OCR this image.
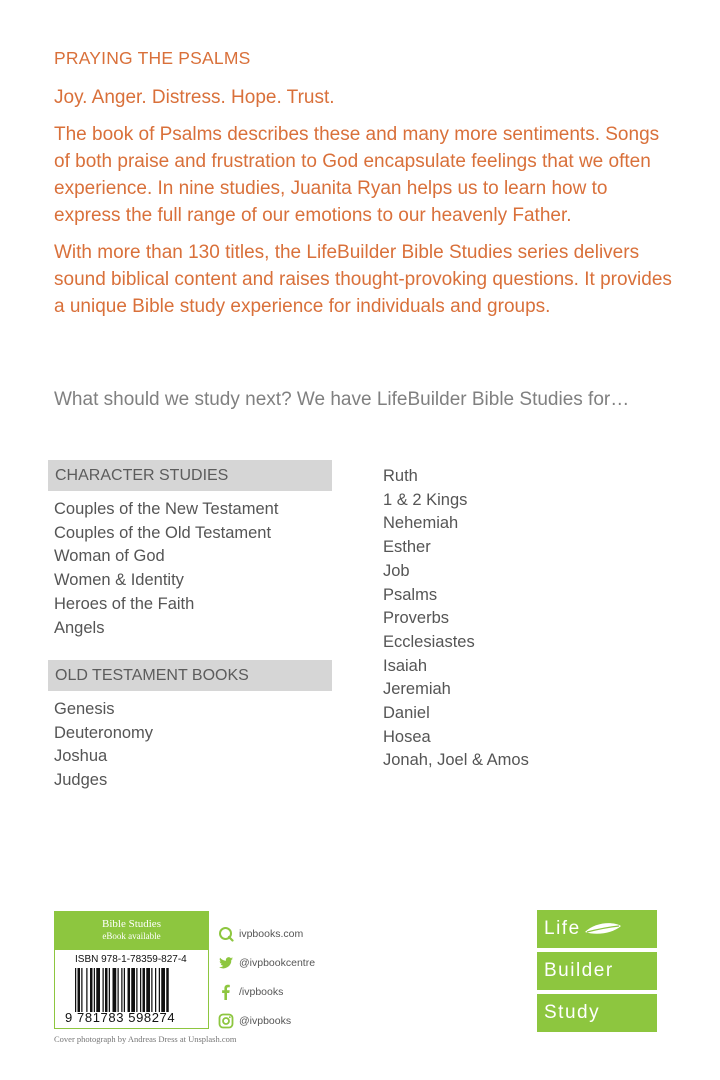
PRAYING THE PSALMS

Joy. Anger. Distress. Hope. Trust.

The book of Psalms describes these and many more sentiments. Songs of both praise and frustration to God encapsulate feelings that we often experience. In nine studies, Juanita Ryan helps us to learn how to express the full range of our emotions to our heavenly Father.

With more than 130 titles, the LifeBuilder Bible Studies series delivers sound biblical content and raises thought-provoking questions. It provides a unique Bible study experience for individuals and groups.

What should we study next? We have LifeBuilder Bible Studies for…

CHARACTER STUDIES
Couples of the New Testament
Couples of the Old Testament
Woman of God
Women & Identity
Heroes of the Faith
Angels
OLD TESTAMENT BOOKS
Genesis
Deuteronomy
Joshua
Judges
Ruth
1 & 2 Kings
Nehemiah
Esther
Job
Psalms
Proverbs
Ecclesiastes
Isaiah
Jeremiah
Daniel
Hosea
Jonah, Joel & Amos
Bible Studies
eBook available
ISBN 978-1-78359-827-4
9 781783 598274
ivpbooks.com
@ivpbookcentre
/ivpbooks
@ivpbooks
Cover photograph by Andreas Dress at Unsplash.com
Life
Builder
Study
